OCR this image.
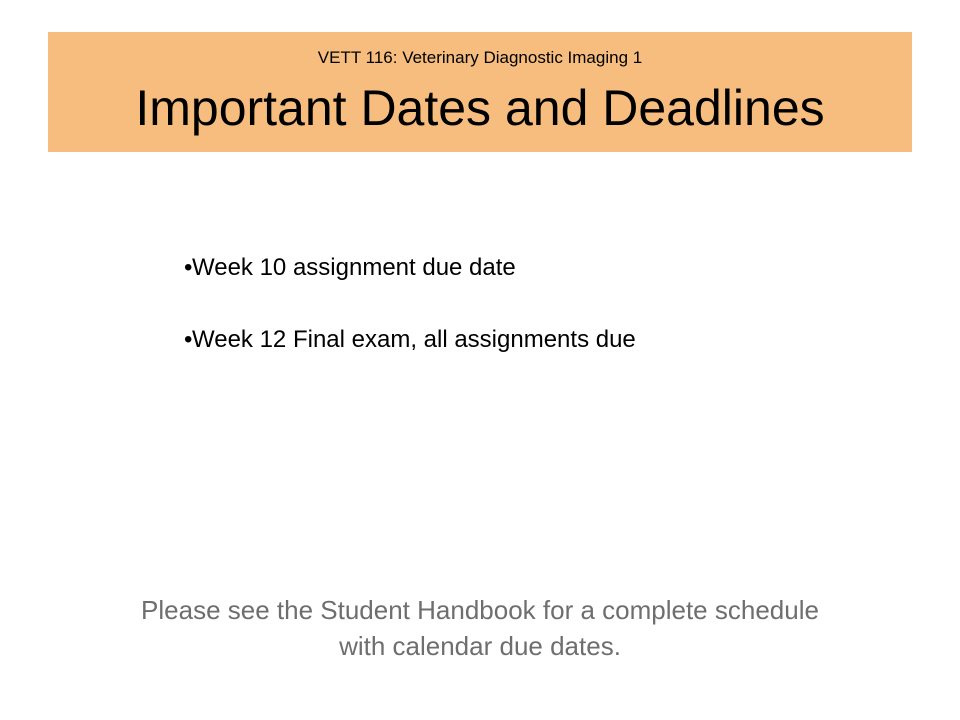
VETT 116: Veterinary Diagnostic Imaging 1
Important Dates and Deadlines
•Week 10 assignment due date
•Week 12 Final exam, all assignments due
Please see the Student Handbook for a complete schedule
with calendar due dates.
